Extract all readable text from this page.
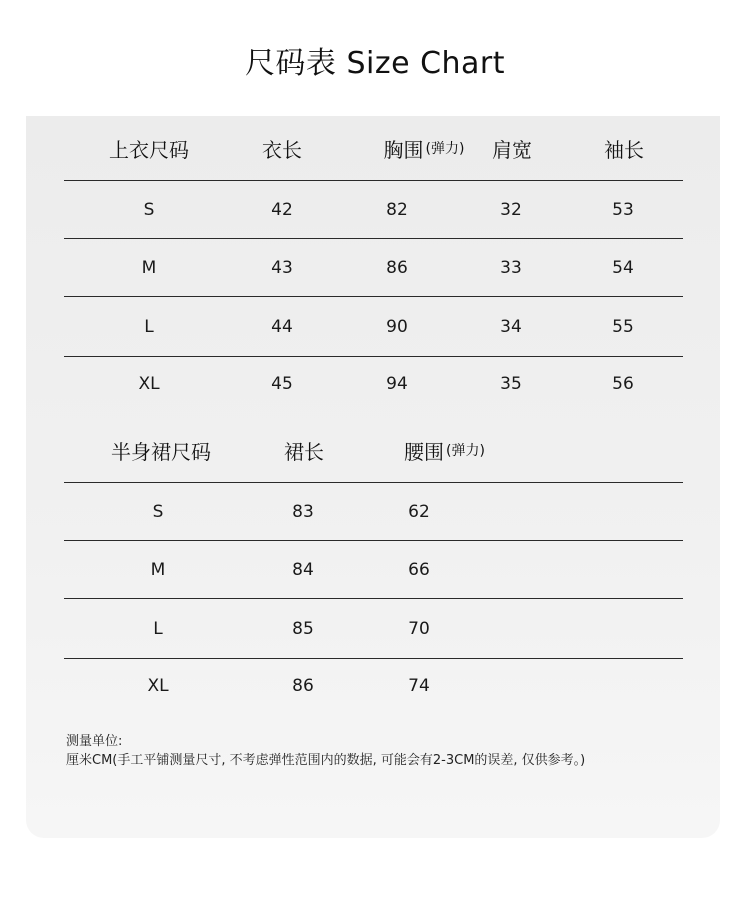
尺码表 Size Chart
上衣尺码	衣长	胸围 (弹力)	肩宽	袖长
S	42	82	32	53
M	43	86	33	54
L	44	90	34	55
XL	45	94	35	56
半身裙尺码	裙长	腰围 (弹力)
S	83	62
M	84	66
L	85	70
XL	86	74
测量单位:
厘米CM(手工平铺测量尺寸, 不考虑弹性范围内的数据, 可能会有2-3CM的误差, 仅供参考。)
